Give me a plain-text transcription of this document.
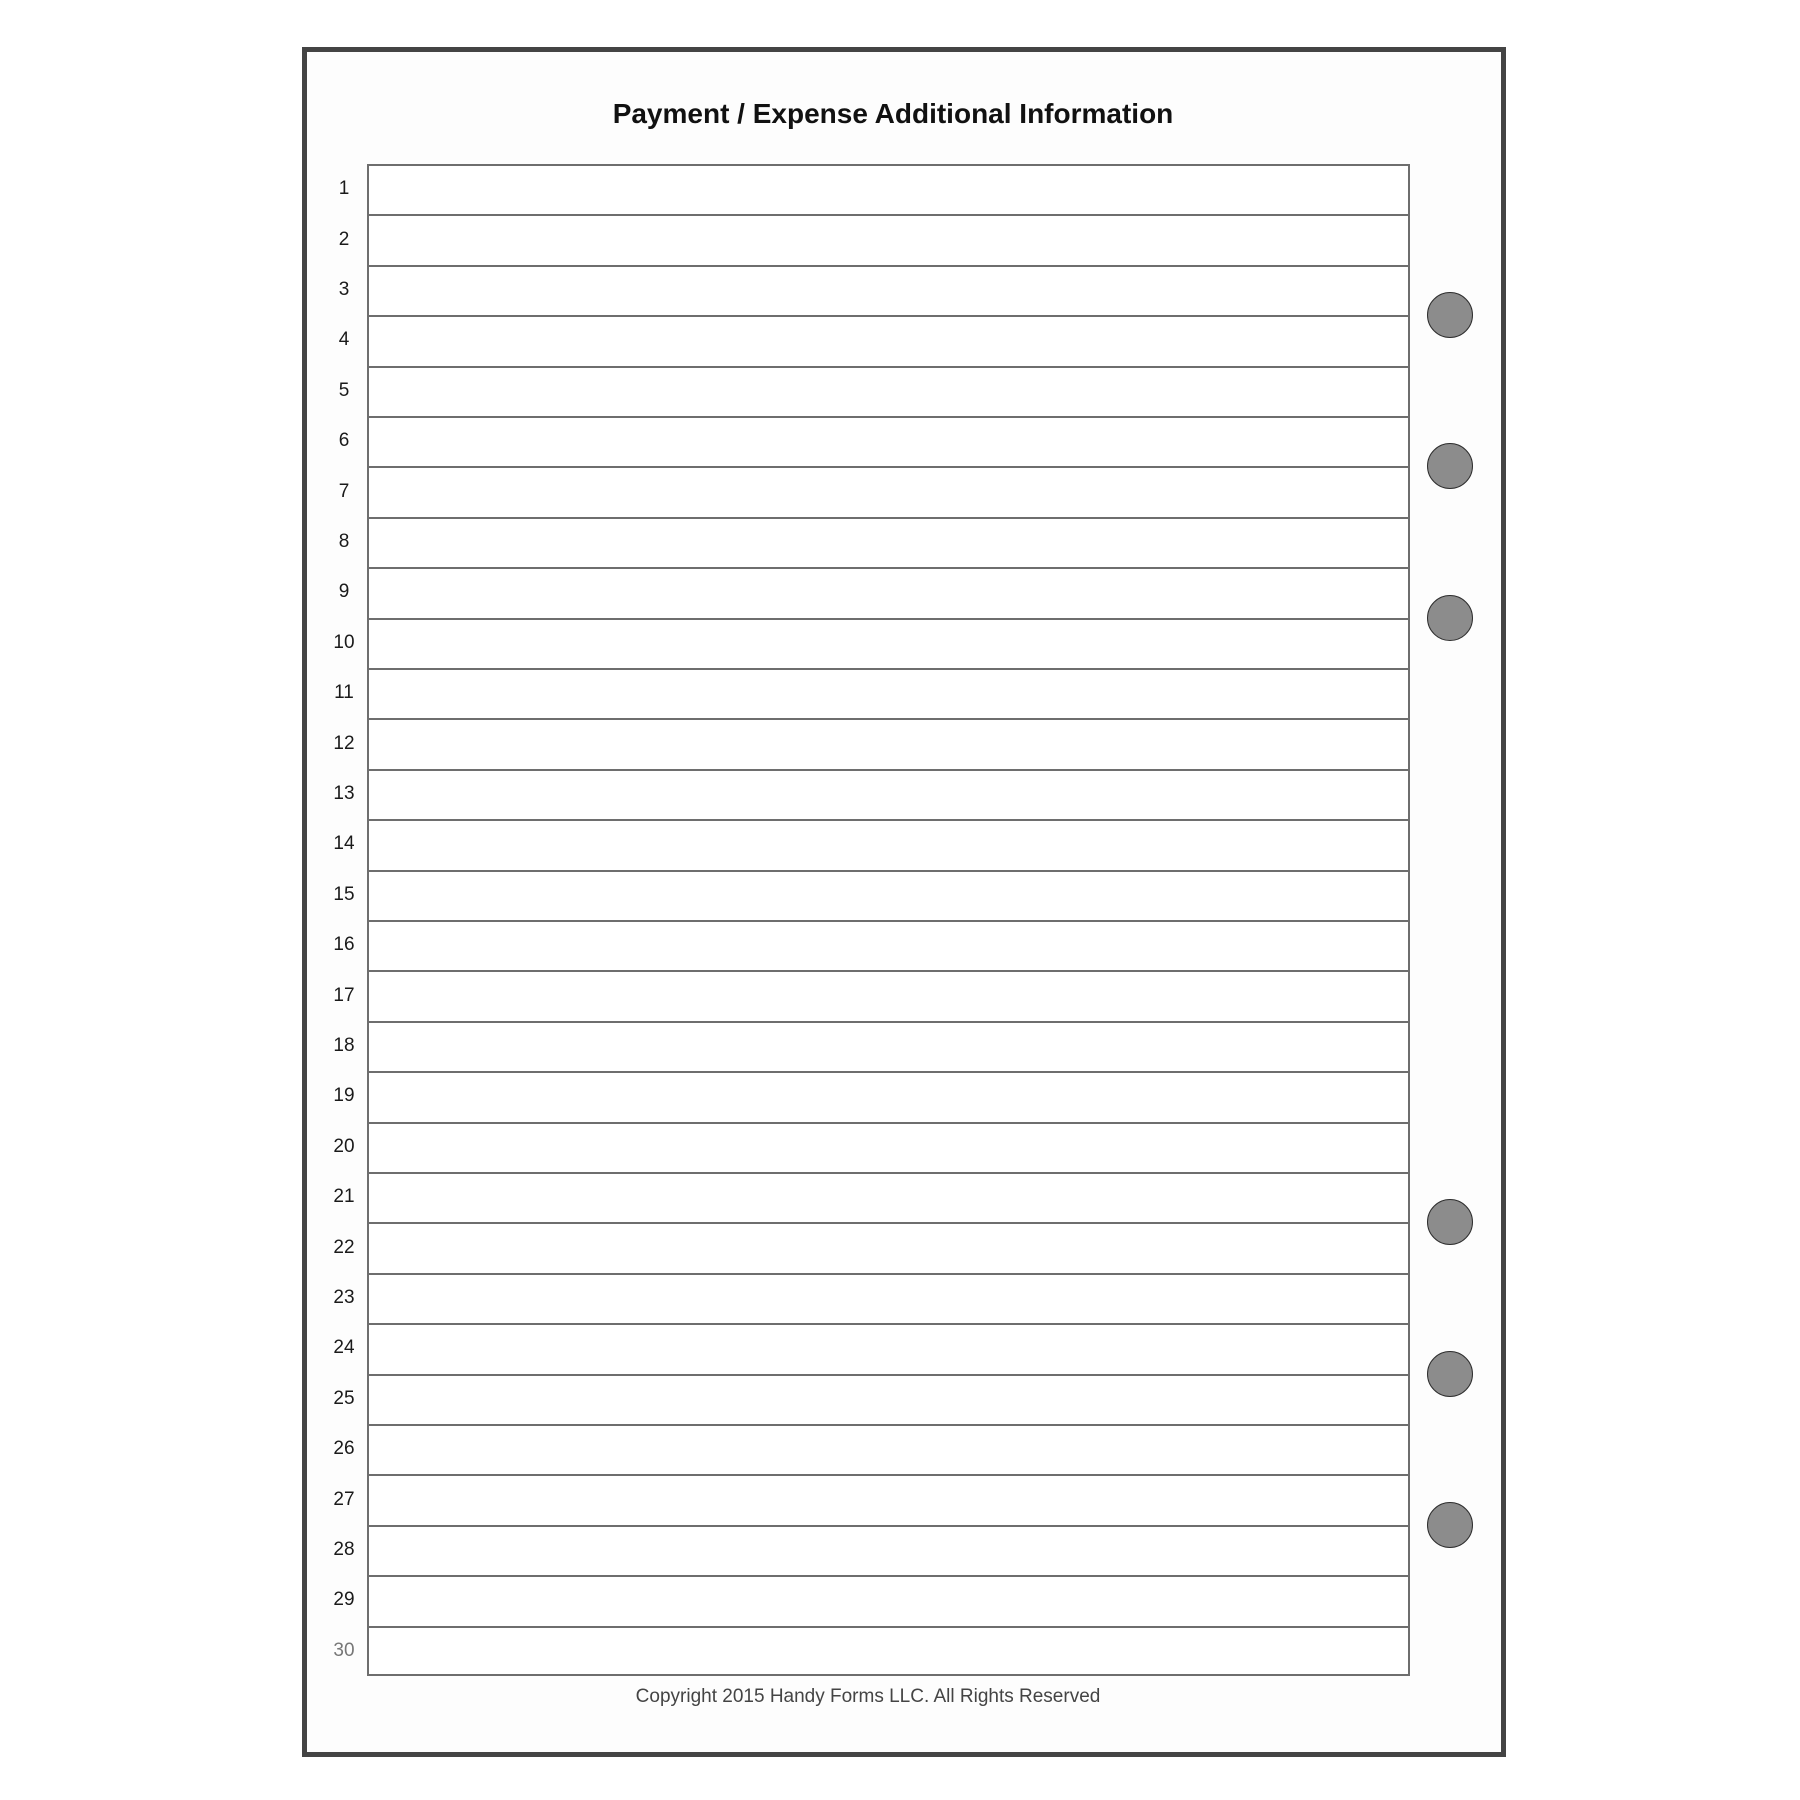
Payment / Expense Additional Information
1
2
3
4
5
6
7
8
9
10
11
12
13
14
15
16
17
18
19
20
21
22
23
24
25
26
27
28
29
30
Copyright 2015 Handy Forms LLC. All Rights Reserved
